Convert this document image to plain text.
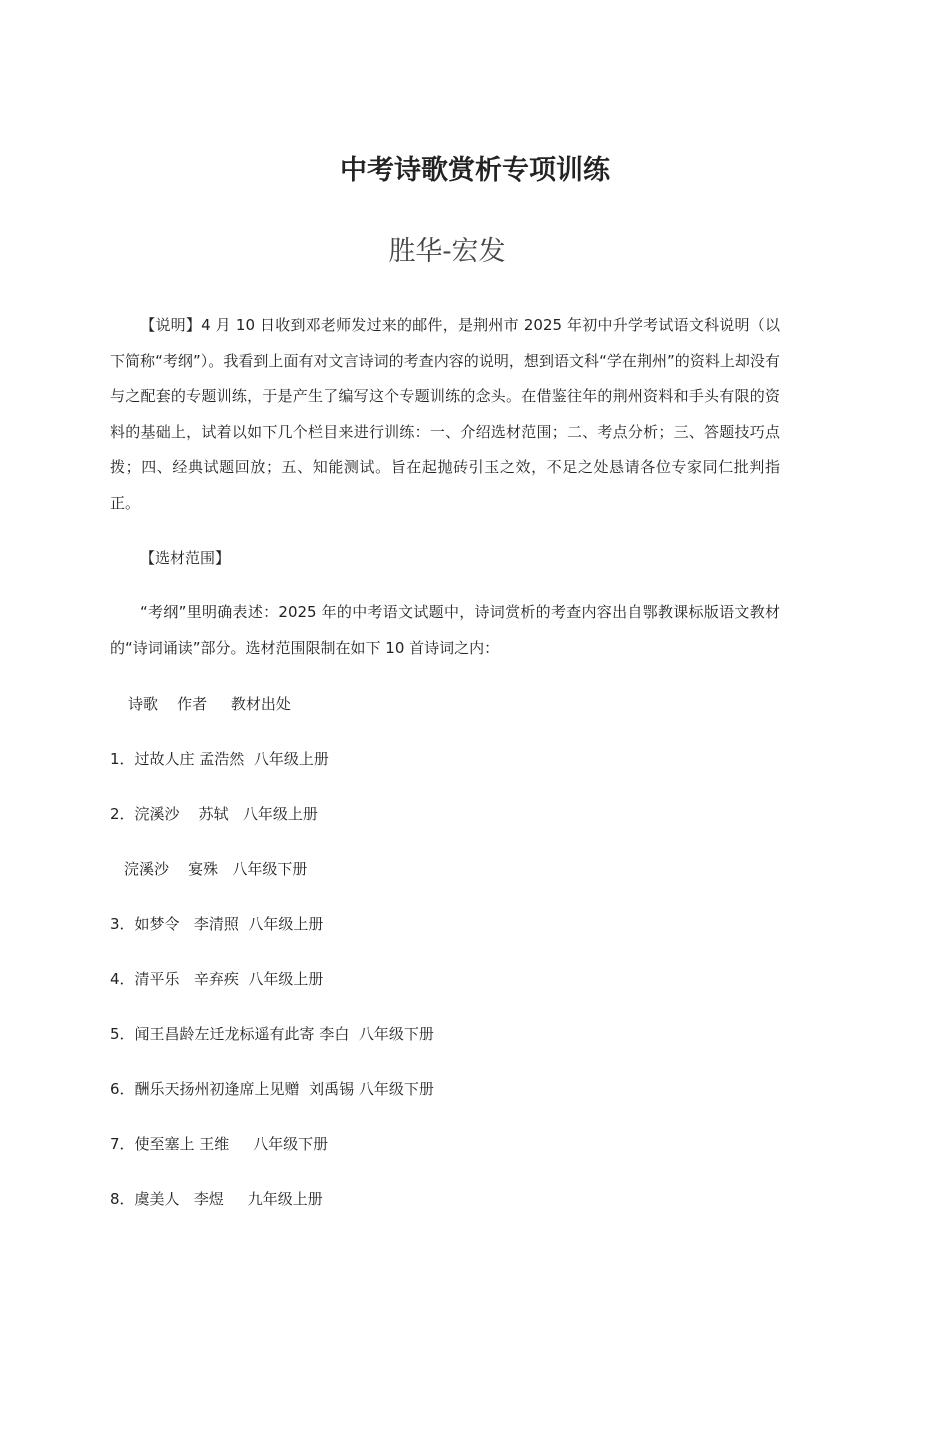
中考诗歌赏析专项训练
胜华-宏发

【说明】4 月 10 日收到邓老师发过来的邮件，是荆州市 2025 年初中升学考试语文科说明（以下简称“考纲”）。我看到上面有对文言诗词的考查内容的说明，想到语文科“学在荆州”的资料上却没有与之配套的专题训练，于是产生了编写这个专题训练的念头。在借鉴往年的荆州资料和手头有限的资料的基础上，试着以如下几个栏目来进行训练：一、介绍选材范围；二、考点分析；三、答题技巧点拨；四、经典试题回放；五、知能测试。旨在起抛砖引玉之效，不足之处恳请各位专家同仁批判指正。

【选材范围】

“考纲”里明确表述：2025 年的中考语文试题中，诗词赏析的考查内容出自鄂教课标版语文教材的“诗词诵读”部分。选材范围限制在如下 10 首诗词之内：

诗歌    作者     教材出处
1．过故人庄 孟浩然  八年级上册
2．浣溪沙    苏轼   八年级上册
浣溪沙    宴殊   八年级下册
3．如梦令   李清照  八年级上册
4．清平乐   辛弃疾  八年级上册
5．闻王昌龄左迁龙标遥有此寄 李白  八年级下册
6．酬乐天扬州初逢席上见赠  刘禹锡 八年级下册
7．使至塞上 王维     八年级下册
8．虞美人   李煜     九年级上册
